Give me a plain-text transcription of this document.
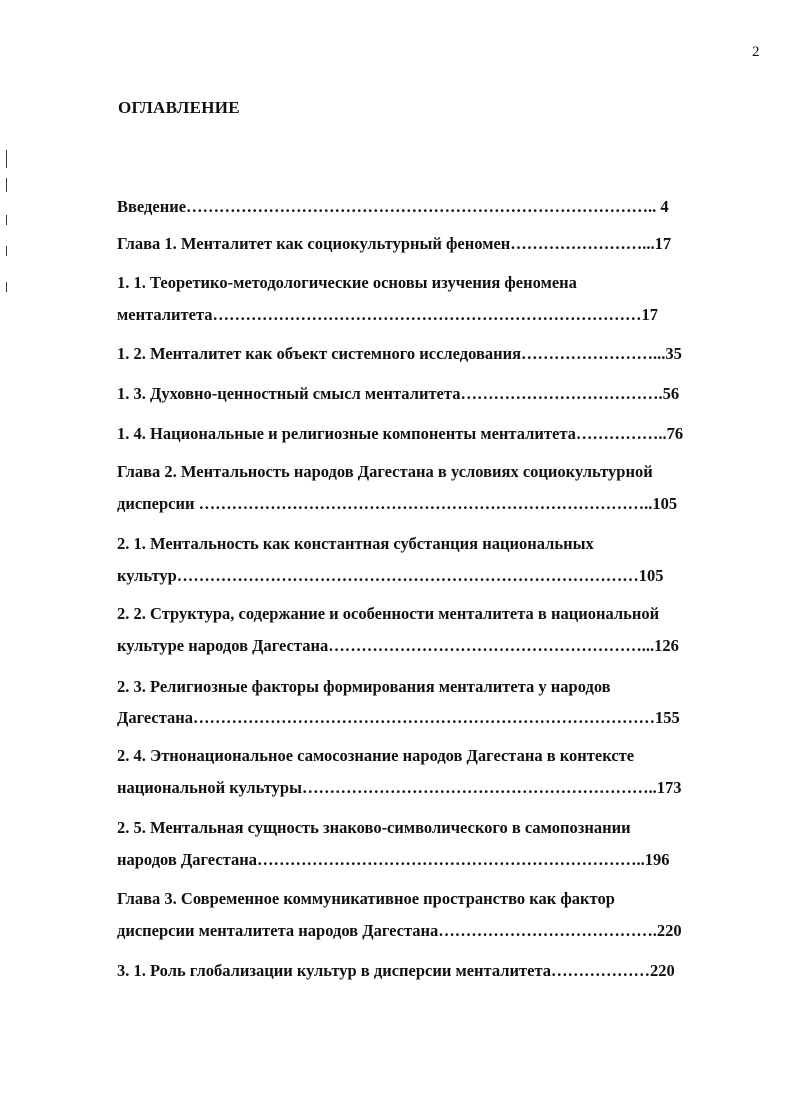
2
ОГЛАВЛЕНИЕ
Введение………………………………………………………………………….. 4
Глава 1. Менталитет как социокультурный феномен……………………...17
1. 1. Теоретико-методологические основы изучения феномена
менталитета……………………………………………………………………17
1. 2. Менталитет как объект системного исследования……………………...35
1. 3. Духовно-ценностный смысл менталитета……………………………….56
1. 4. Национальные и религиозные компоненты менталитета……………..76
Глава 2. Ментальность народов Дагестана в условиях социокультурной
дисперсии ………………………………………………………………………..105
2. 1. Ментальность как константная субстанция национальных
культур…………………………………………………………………………105
2. 2. Структура, содержание и особенности менталитета в национальной
культуре народов Дагестана…………………………………………………...126
2. 3. Религиозные факторы формирования менталитета у народов
Дагестана…………………………………………………………………………155
2. 4. Этнонациональное самосознание народов Дагестана в контексте
национальной культуры………………………………………………………..173
2. 5. Ментальная сущность знаково-символического в самопознании
народов Дагестана……………………………………………………………..196
Глава 3. Современное коммуникативное пространство как фактор
дисперсии менталитета народов Дагестана………………………………….220
3. 1. Роль глобализации культур в дисперсии менталитета………………220
